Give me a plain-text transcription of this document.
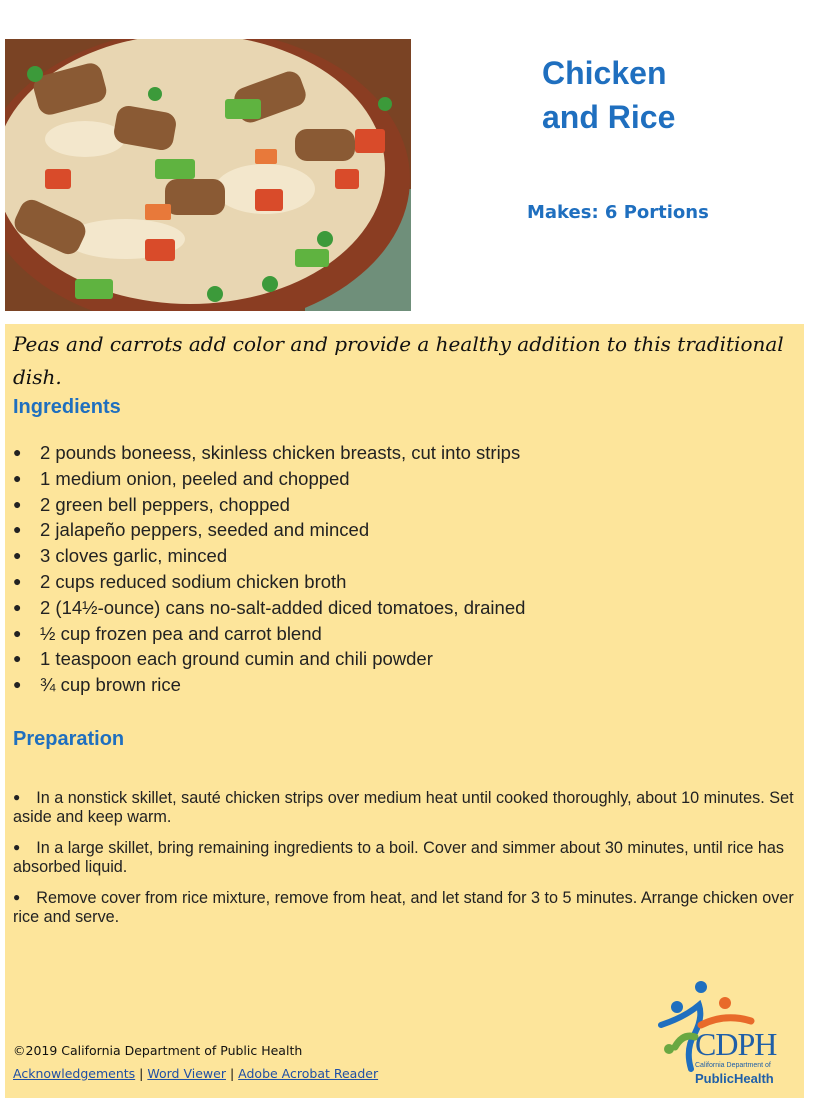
Chicken
and Rice
Makes: 6 Portions
Peas and carrots add color and provide a healthy addition to this traditional dish.
Ingredients
● 2 pounds boneess, skinless chicken breasts, cut into strips
● 1 medium onion, peeled and chopped
● 2 green bell peppers, chopped
● 2 jalapeño peppers, seeded and minced
● 3 cloves garlic, minced
● 2 cups reduced sodium chicken broth
● 2 (14½-ounce) cans no-salt-added diced tomatoes, drained
● ½ cup frozen pea and carrot blend
● 1 teaspoon each ground cumin and chili powder
● ¾ cup brown rice
Preparation
● In a nonstick skillet, sauté chicken strips over medium heat until cooked thoroughly, about 10 minutes. Set aside and keep warm.
● In a large skillet, bring remaining ingredients to a boil. Cover and simmer about 30 minutes, until rice has absorbed liquid.
● Remove cover from rice mixture, remove from heat, and let stand for 3 to 5 minutes. Arrange chicken over rice and serve.
©2019 California Department of Public Health
Acknowledgements | Word Viewer | Adobe Acrobat Reader
CDPH
California Department of
PublicHealth
